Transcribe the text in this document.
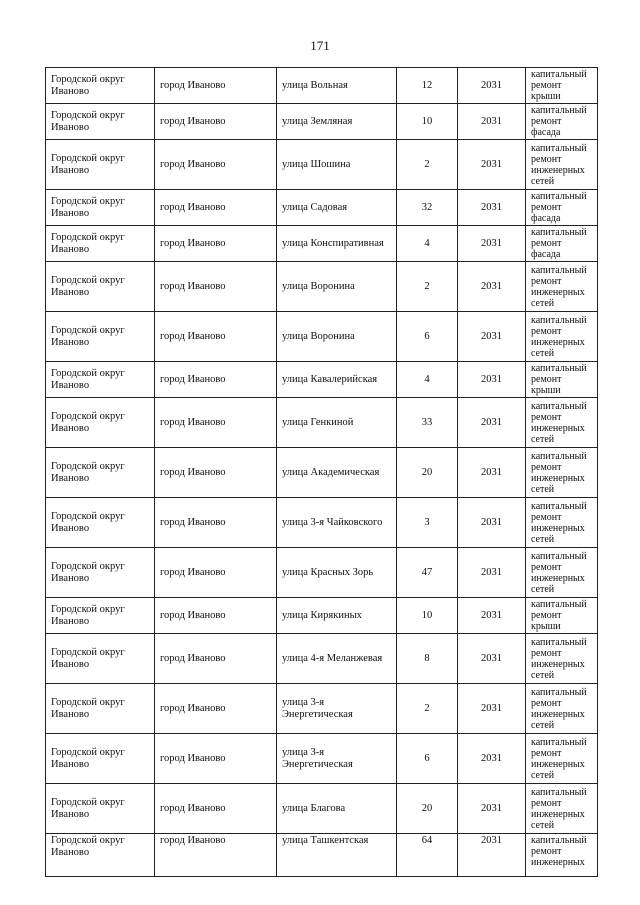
171
Городской округ Иваново	город Иваново	улица Вольная	12	2031	капитальный ремонт крыши
Городской округ Иваново	город Иваново	улица Земляная	10	2031	капитальный ремонт фасада
Городской округ Иваново	город Иваново	улица Шошина	2	2031	капитальный ремонт инженерных сетей
Городской округ Иваново	город Иваново	улица Садовая	32	2031	капитальный ремонт фасада
Городской округ Иваново	город Иваново	улица Конспиративная	4	2031	капитальный ремонт фасада
Городской округ Иваново	город Иваново	улица Воронина	2	2031	капитальный ремонт инженерных сетей
Городской округ Иваново	город Иваново	улица Воронина	6	2031	капитальный ремонт инженерных сетей
Городской округ Иваново	город Иваново	улица Кавалерийская	4	2031	капитальный ремонт крыши
Городской округ Иваново	город Иваново	улица Генкиной	33	2031	капитальный ремонт инженерных сетей
Городской округ Иваново	город Иваново	улица Академическая	20	2031	капитальный ремонт инженерных сетей
Городской округ Иваново	город Иваново	улица 3-я Чайковского	3	2031	капитальный ремонт инженерных сетей
Городской округ Иваново	город Иваново	улица Красных Зорь	47	2031	капитальный ремонт инженерных сетей
Городской округ Иваново	город Иваново	улица Кирякиных	10	2031	капитальный ремонт крыши
Городской округ Иваново	город Иваново	улица 4-я Меланжевая	8	2031	капитальный ремонт инженерных сетей
Городской округ Иваново	город Иваново	улица 3-я Энергетическая	2	2031	капитальный ремонт инженерных сетей
Городской округ Иваново	город Иваново	улица 3-я Энергетическая	6	2031	капитальный ремонт инженерных сетей
Городской округ Иваново	город Иваново	улица Благова	20	2031	капитальный ремонт инженерных сетей
Городской округ Иваново	город Иваново	улица Ташкентская	64	2031	капитальный ремонт инженерных
